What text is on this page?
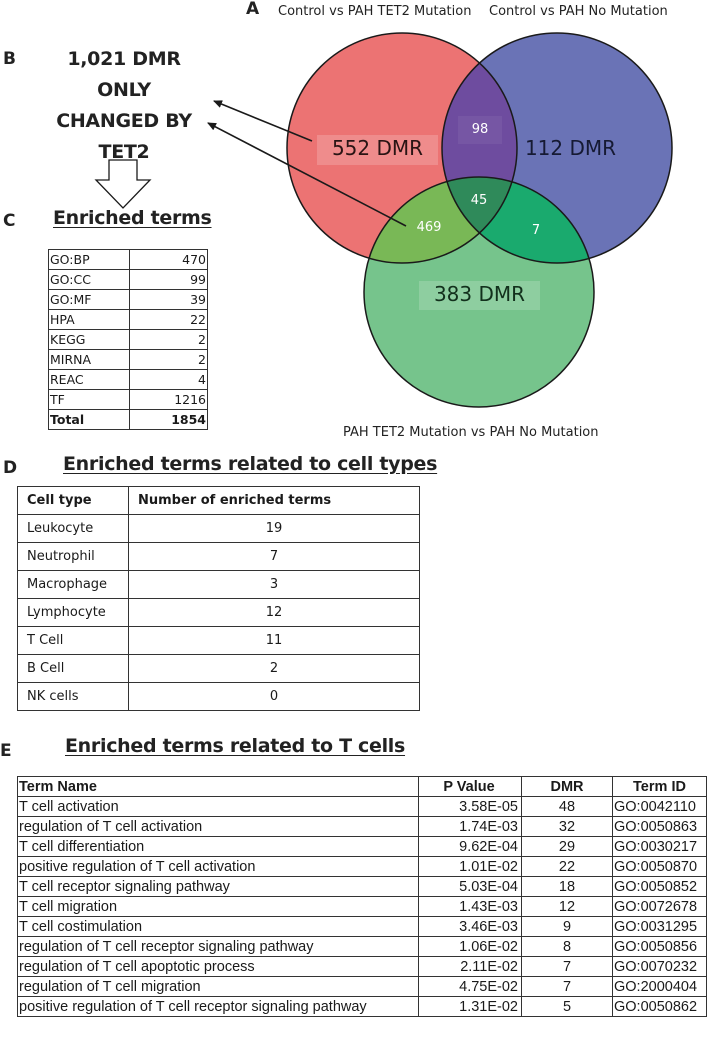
A Control vs PAH TET2 Mutation Control vs PAH No Mutation
PAH TET2 Mutation vs PAH No Mutation
552 DMR	112 DMR
383 DMR
98
469
45
7
B	1,021 DMR
ONLY
CHANGED BY
TET2
C Enriched terms
GO:BP	470
GO:CC	99
GO:MF	39
HPA	22
KEGG	2
MIRNA	2
REAC	4
TF	1216
Total	1854
D Enriched terms related to cell types
Cell type	Number of enriched terms
Leukocyte	19
Neutrophil	7
Macrophage	3
Lymphocyte	12
T Cell	11
B Cell	2
NK cells	0
E	Enriched terms related to T cells
Term Name	P Value	DMR	Term ID
T cell activation	3.58E-05	48	GO:0042110
regulation of T cell activation	1.74E-03	32	GO:0050863
T cell differentiation	9.62E-04	29	GO:0030217
positive regulation of T cell activation	1.01E-02	22	GO:0050870
T cell receptor signaling pathway	5.03E-04	18	GO:0050852
T cell migration	1.43E-03	12	GO:0072678
T cell costimulation	3.46E-03	9	GO:0031295
regulation of T cell receptor signaling pathway	1.06E-02	8	GO:0050856
regulation of T cell apoptotic process	2.11E-02	7	GO:0070232
regulation of T cell migration	4.75E-02	7	GO:2000404
positive regulation of T cell receptor signaling pathway	1.31E-02	5	GO:0050862
